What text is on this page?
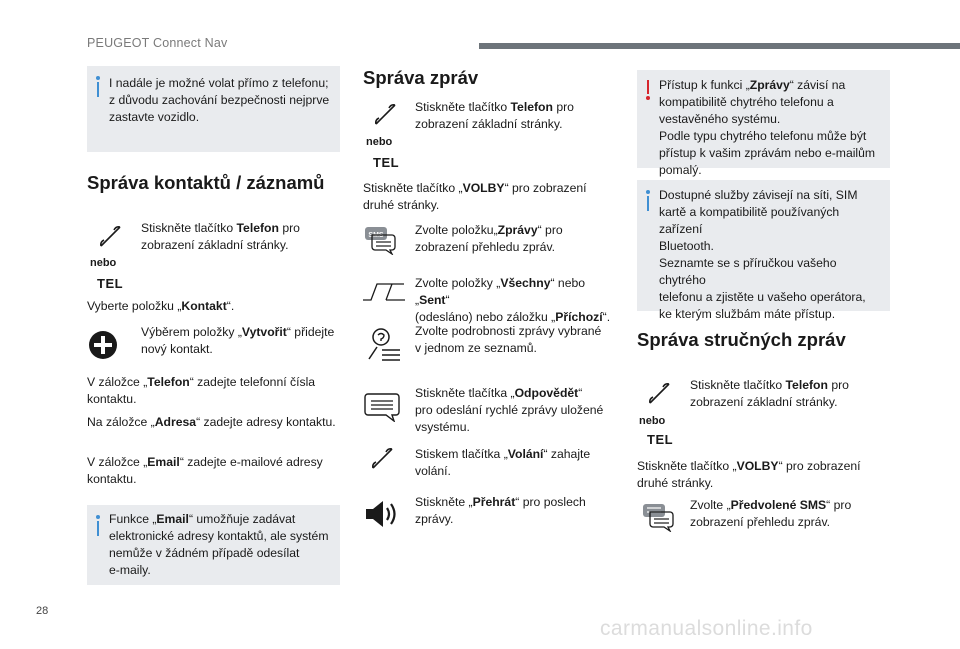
PEUGEOT Connect Nav

I nadále je možné volat přímo z telefonu;
z důvodu zachování bezpečnosti nejprve
zastavte vozidlo.

Správa kontaktů / záznamů
nebo
TEL
Stiskněte tlačítko Telefon pro
zobrazení základní stránky.
Vyberte položku „Kontakt“.
Výběrem položky „Vytvořit“ přidejte
nový kontakt.
V záložce „Telefon“ zadejte telefonní čísla
kontaktu.
Na záložce „Adresa“ zadejte adresy kontaktu.
V záložce „Email“ zadejte e-mailové adresy
kontaktu.

Funkce „Email“ umožňuje zadávat
elektronické adresy kontaktů, ale systém
nemůže v žádném případě odesílat
e-maily.

Správa zpráv
nebo
TEL
Stiskněte tlačítko Telefon pro
zobrazení základní stránky.
Stiskněte tlačítko „VOLBY“ pro zobrazení
druhé stránky.
SMS	Zvolte položku„Zprávy“ pro
zobrazení přehledu zpráv.
Zvolte položky „Všechny“ nebo „Sent“
(odesláno) nebo záložku „Příchozí“.
Zvolte podrobnosti zprávy vybrané
v jednom ze seznamů.
Stiskněte tlačítka „Odpovědět“
pro odeslání rychlé zprávy uložené
vsystému.
Stiskem tlačítka „Volání“ zahajte
volání.
Stiskněte „Přehrát“ pro poslech
zprávy.

Přístup k funkci „Zprávy“ závisí na
kompatibilitě chytrého telefonu a
vestavěného systému.
Podle typu chytrého telefonu může být
přístup k vašim zprávám nebo e-mailům
pomalý.

Dostupné služby závisejí na síti, SIM
kartě a kompatibilitě používaných zařízení
Bluetooth.
Seznamte se s příručkou vašeho chytrého
telefonu a zjistěte u vašeho operátora,
ke kterým službám máte přístup.

Správa stručných zpráv
nebo
TEL
Stiskněte tlačítko Telefon pro
zobrazení základní stránky.
Stiskněte tlačítko „VOLBY“ pro zobrazení
druhé stránky.
Zvolte „Předvolené SMS“ pro
zobrazení přehledu zpráv.
28
carmanualsonline.info
